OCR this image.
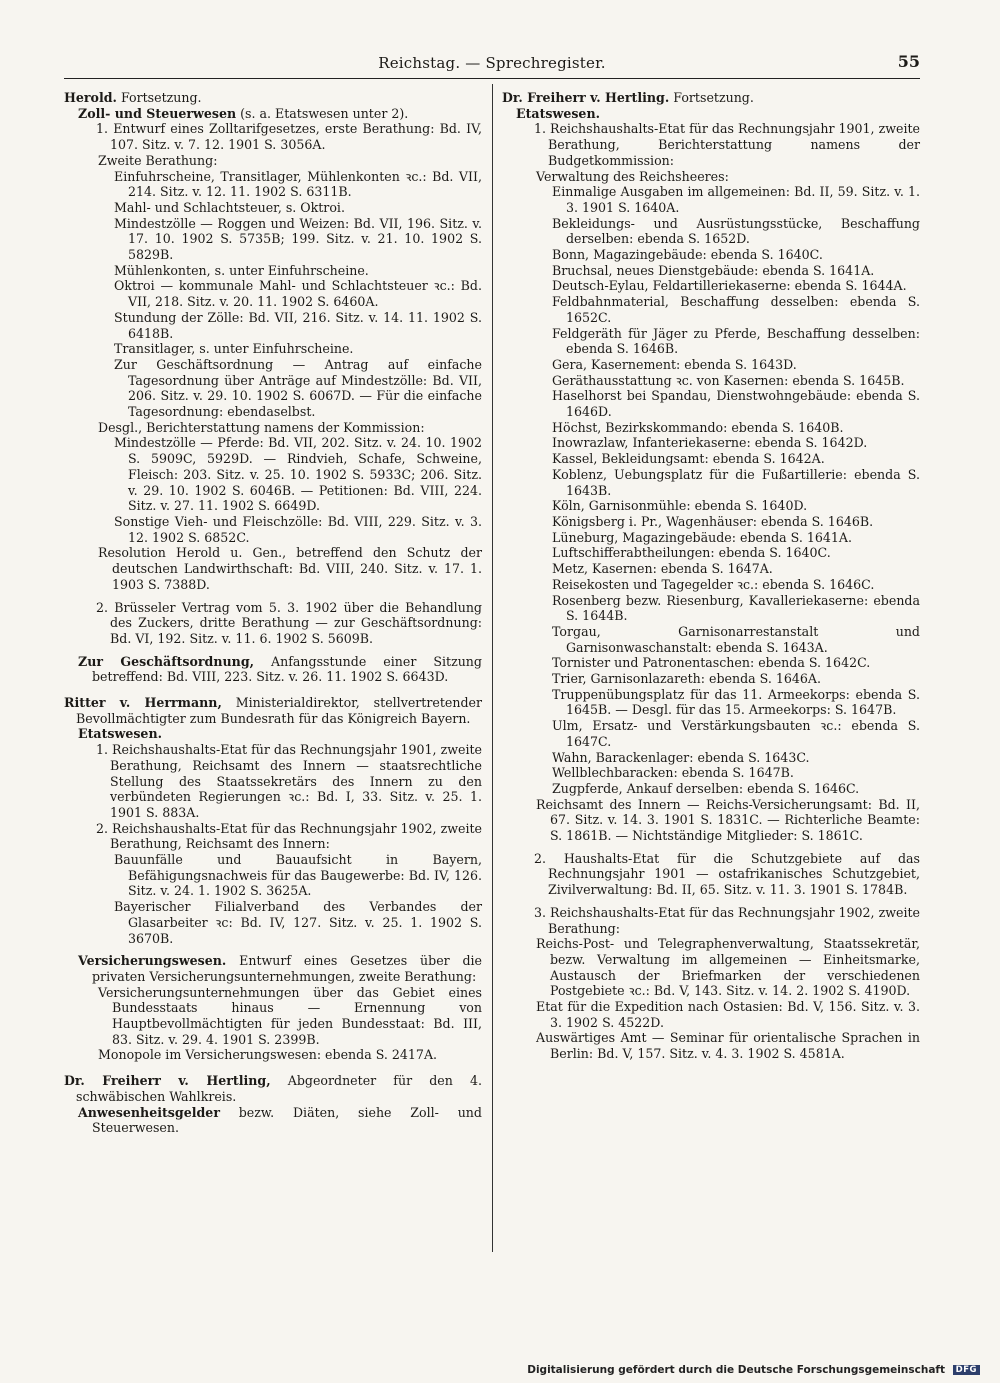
Reichstag. — Sprechregister.	55

Herold. Fortsetzung.

Zoll- und Steuerwesen (s. a. Etatswesen unter 2).

1. Entwurf eines Zolltarifgesetzes, erste Berathung: Bd. IV, 107. Sitz. v. 7. 12. 1901 S. 3056A.

Zweite Berathung:

Einfuhrscheine, Transitlager, Mühlenkonten ꝛc.: Bd. VII, 214. Sitz. v. 12. 11. 1902 S. 6311B.

Mahl- und Schlachtsteuer, s. Oktroi.

Mindestzölle — Roggen und Weizen: Bd. VII, 196. Sitz. v. 17. 10. 1902 S. 5735B; 199. Sitz. v. 21. 10. 1902 S. 5829B.

Mühlenkonten, s. unter Einfuhrscheine.

Oktroi — kommunale Mahl- und Schlachtsteuer ꝛc.: Bd. VII, 218. Sitz. v. 20. 11. 1902 S. 6460A.

Stundung der Zölle: Bd. VII, 216. Sitz. v. 14. 11. 1902 S. 6418B.

Transitlager, s. unter Einfuhrscheine.

Zur Geschäftsordnung — Antrag auf einfache Tagesordnung über Anträge auf Mindestzölle: Bd. VII, 206. Sitz. v. 29. 10. 1902 S. 6067D. — Für die einfache Tagesordnung: ebendaselbst.

Desgl., Berichterstattung namens der Kommission:

Mindestzölle — Pferde: Bd. VII, 202. Sitz. v. 24. 10. 1902 S. 5909C, 5929D. — Rindvieh, Schafe, Schweine, Fleisch: 203. Sitz. v. 25. 10. 1902 S. 5933C; 206. Sitz. v. 29. 10. 1902 S. 6046B. — Petitionen: Bd. VIII, 224. Sitz. v. 27. 11. 1902 S. 6649D.

Sonstige Vieh- und Fleischzölle: Bd. VIII, 229. Sitz. v. 3. 12. 1902 S. 6852C.

Resolution Herold u. Gen., betreffend den Schutz der deutschen Landwirthschaft: Bd. VIII, 240. Sitz. v. 17. 1. 1903 S. 7388D.

2. Brüsseler Vertrag vom 5. 3. 1902 über die Behandlung des Zuckers, dritte Berathung — zur Geschäftsordnung: Bd. VI, 192. Sitz. v. 11. 6. 1902 S. 5609B.

Zur Geschäftsordnung, Anfangsstunde einer Sitzung betreffend: Bd. VIII, 223. Sitz. v. 26. 11. 1902 S. 6643D.

Ritter v. Herrmann, Ministerialdirektor, stellvertretender Bevollmächtigter zum Bundesrath für das Königreich Bayern.

Etatswesen.

1. Reichshaushalts-Etat für das Rechnungsjahr 1901, zweite Berathung, Reichsamt des Innern — staatsrechtliche Stellung des Staatssekretärs des Innern zu den verbündeten Regierungen ꝛc.: Bd. I, 33. Sitz. v. 25. 1. 1901 S. 883A.

2. Reichshaushalts-Etat für das Rechnungsjahr 1902, zweite Berathung, Reichsamt des Innern:

Bauunfälle und Bauaufsicht in Bayern, Befähigungsnachweis für das Baugewerbe: Bd. IV, 126. Sitz. v. 24. 1. 1902 S. 3625A.

Bayerischer Filialverband des Verbandes der Glasarbeiter ꝛc: Bd. IV, 127. Sitz. v. 25. 1. 1902 S. 3670B.

Versicherungswesen. Entwurf eines Gesetzes über die privaten Versicherungsunternehmungen, zweite Berathung:

Versicherungsunternehmungen über das Gebiet eines Bundesstaats hinaus — Ernennung von Hauptbevollmächtigten für jeden Bundesstaat: Bd. III, 83. Sitz. v. 29. 4. 1901 S. 2399B.

Monopole im Versicherungswesen: ebenda S. 2417A.

Dr. Freiherr v. Hertling, Abgeordneter für den 4. schwäbischen Wahlkreis.

Anwesenheitsgelder bezw. Diäten, siehe Zoll- und Steuerwesen.

Dr. Freiherr v. Hertling. Fortsetzung.

Etatswesen.

1. Reichshaushalts-Etat für das Rechnungsjahr 1901, zweite Berathung, Berichterstattung namens der Budgetkommission:

Verwaltung des Reichsheeres:

Einmalige Ausgaben im allgemeinen: Bd. II, 59. Sitz. v. 1. 3. 1901 S. 1640A.

Bekleidungs- und Ausrüstungsstücke, Beschaffung derselben: ebenda S. 1652D.

Bonn, Magazingebäude: ebenda S. 1640C.

Bruchsal, neues Dienstgebäude: ebenda S. 1641A.

Deutsch-Eylau, Feldartilleriekaserne: ebenda S. 1644A.

Feldbahnmaterial, Beschaffung desselben: ebenda S. 1652C.

Feldgeräth für Jäger zu Pferde, Beschaffung desselben: ebenda S. 1646B.

Gera, Kasernement: ebenda S. 1643D.

Geräthausstattung ꝛc. von Kasernen: ebenda S. 1645B.

Haselhorst bei Spandau, Dienstwohngebäude: ebenda S. 1646D.

Höchst, Bezirkskommando: ebenda S. 1640B.

Inowrazlaw, Infanteriekaserne: ebenda S. 1642D.

Kassel, Bekleidungsamt: ebenda S. 1642A.

Koblenz, Uebungsplatz für die Fußartillerie: ebenda S. 1643B.

Köln, Garnisonmühle: ebenda S. 1640D.

Königsberg i. Pr., Wagenhäuser: ebenda S. 1646B.

Lüneburg, Magazingebäude: ebenda S. 1641A.

Luftschifferabtheilungen: ebenda S. 1640C.

Metz, Kasernen: ebenda S. 1647A.

Reisekosten und Tagegelder ꝛc.: ebenda S. 1646C.

Rosenberg bezw. Riesenburg, Kavalleriekaserne: ebenda S. 1644B.

Torgau, Garnisonarrestanstalt und Garnisonwaschanstalt: ebenda S. 1643A.

Tornister und Patronentaschen: ebenda S. 1642C.

Trier, Garnisonlazareth: ebenda S. 1646A.

Truppenübungsplatz für das 11. Armeekorps: ebenda S. 1645B. — Desgl. für das 15. Armeekorps: S. 1647B.

Ulm, Ersatz- und Verstärkungsbauten ꝛc.: ebenda S. 1647C.

Wahn, Barackenlager: ebenda S. 1643C.

Wellblechbaracken: ebenda S. 1647B.

Zugpferde, Ankauf derselben: ebenda S. 1646C.

Reichsamt des Innern — Reichs-Versicherungsamt: Bd. II, 67. Sitz. v. 14. 3. 1901 S. 1831C. — Richterliche Beamte: S. 1861B. — Nichtständige Mitglieder: S. 1861C.

2. Haushalts-Etat für die Schutzgebiete auf das Rechnungsjahr 1901 — ostafrikanisches Schutzgebiet, Zivilverwaltung: Bd. II, 65. Sitz. v. 11. 3. 1901 S. 1784B.

3. Reichshaushalts-Etat für das Rechnungsjahr 1902, zweite Berathung:

Reichs-Post- und Telegraphenverwaltung, Staatssekretär, bezw. Verwaltung im allgemeinen — Einheitsmarke, Austausch der Briefmarken der verschiedenen Postgebiete ꝛc.: Bd. V, 143. Sitz. v. 14. 2. 1902 S. 4190D.

Etat für die Expedition nach Ostasien: Bd. V, 156. Sitz. v. 3. 3. 1902 S. 4522D.

Auswärtiges Amt — Seminar für orientalische Sprachen in Berlin: Bd. V, 157. Sitz. v. 4. 3. 1902 S. 4581A.

Digitalisierung gefördert durch die Deutsche Forschungsgemeinschaft DFG
